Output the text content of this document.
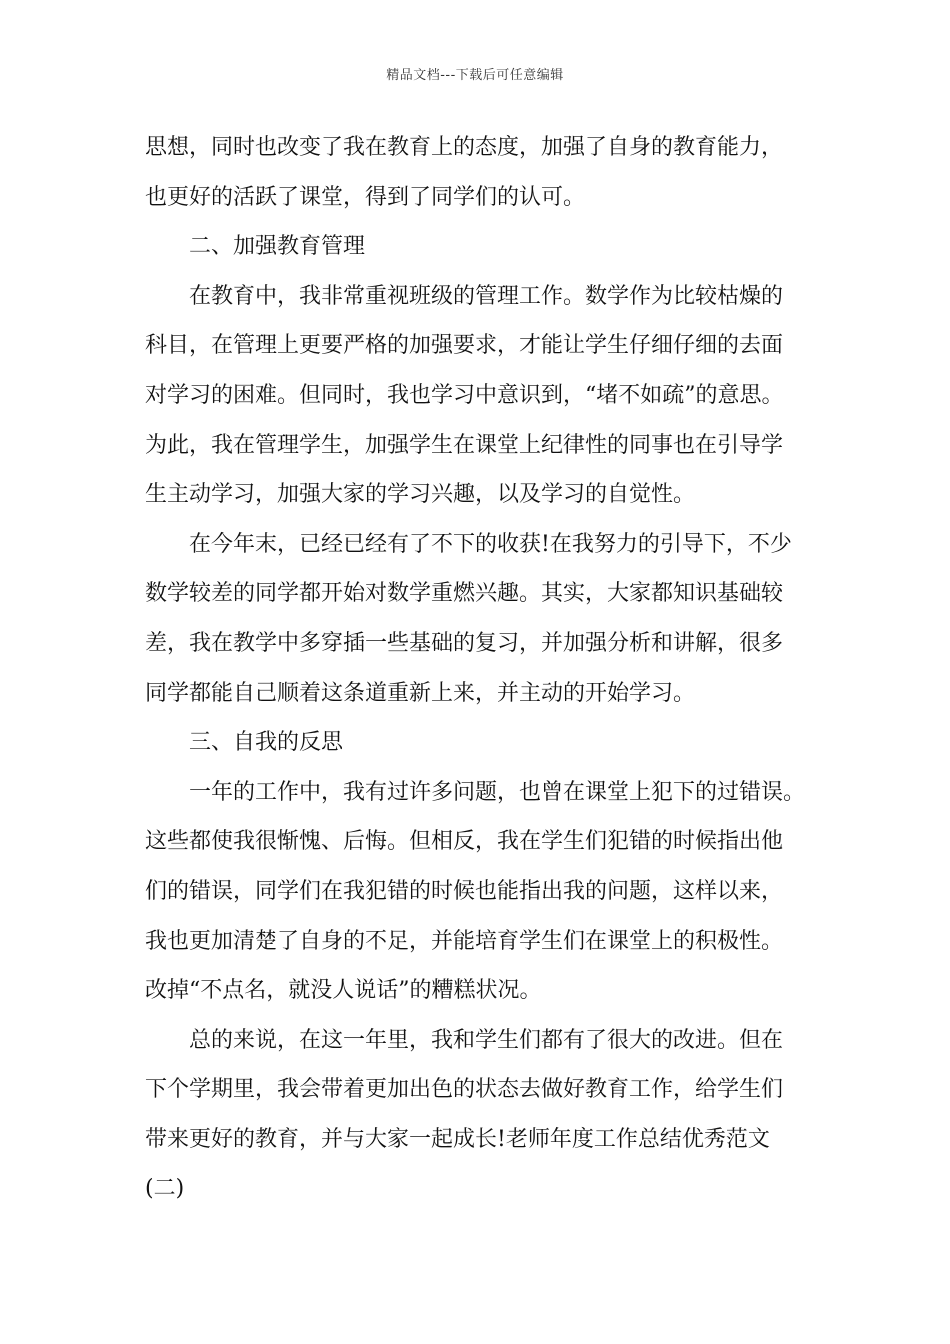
精品文档---下载后可任意编辑
思想，同时也改变了我在教育上的态度，加强了自身的教育能力，
也更好的活跃了课堂，得到了同学们的认可。
二、加强教育管理
在教育中，我非常重视班级的管理工作。数学作为比较枯燥的
科目，在管理上更要严格的加强要求，才能让学生仔细仔细的去面
对学习的困难。但同时，我也学习中意识到，“堵不如疏”的意思。
为此，我在管理学生，加强学生在课堂上纪律性的同事也在引导学
生主动学习，加强大家的学习兴趣，以及学习的自觉性。
在今年末，已经已经有了不下的收获!在我努力的引导下，不少
数学较差的同学都开始对数学重燃兴趣。其实，大家都知识基础较
差，我在教学中多穿插一些基础的复习，并加强分析和讲解，很多
同学都能自己顺着这条道重新上来，并主动的开始学习。
三、自我的反思
一年的工作中，我有过许多问题，也曾在课堂上犯下的过错误。
这些都使我很惭愧、后悔。但相反，我在学生们犯错的时候指出他
们的错误，同学们在我犯错的时候也能指出我的问题，这样以来，
我也更加清楚了自身的不足，并能培育学生们在课堂上的积极性。
改掉“不点名，就没人说话”的糟糕状况。
总的来说，在这一年里，我和学生们都有了很大的改进。但在
下个学期里，我会带着更加出色的状态去做好教育工作，给学生们
带来更好的教育，并与大家一起成长!老师年度工作总结优秀范文
(二)
